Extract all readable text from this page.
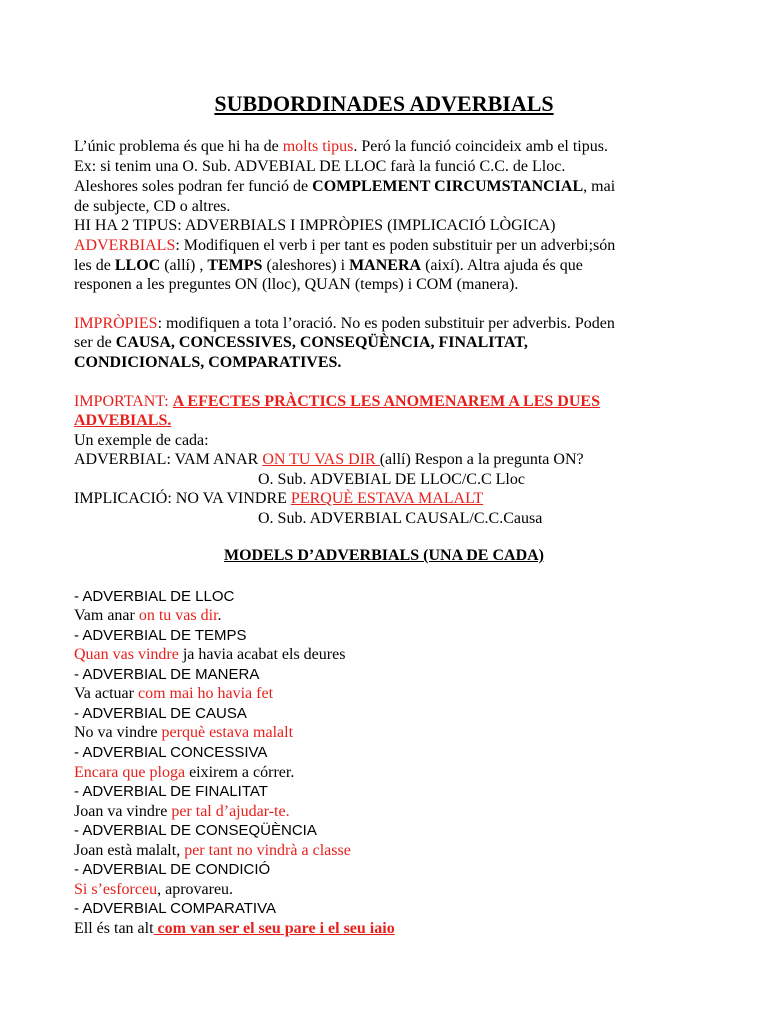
SUBDORDINADES ADVERBIALS
L’únic problema és que hi ha de molts tipus. Peró la funció coincideix amb el tipus.
Ex: si tenim una O. Sub. ADVEBIAL DE LLOC farà la funció C.C. de Lloc.
Aleshores soles podran fer funció de COMPLEMENT CIRCUMSTANCIAL, mai
de subjecte, CD o altres.
HI HA 2 TIPUS: ADVERBIALS I IMPRÒPIES (IMPLICACIÓ LÒGICA)
ADVERBIALS: Modifiquen el verb i per tant es poden substituir per un adverbi;són
les de LLOC (allí) , TEMPS (aleshores) i MANERA (així). Altra ajuda és que
responen a les preguntes ON (lloc), QUAN (temps) i COM (manera).
IMPRÒPIES: modifiquen a tota l’oració. No es poden substituir per adverbis. Poden
ser de CAUSA, CONCESSIVES, CONSEQÜÈNCIA, FINALITAT,
CONDICIONALS, COMPARATIVES.
IMPORTANT: A EFECTES PRÀCTICS LES ANOMENAREM A LES DUES
ADVEBIALS.
Un exemple de cada:
ADVERBIAL: VAM ANAR ON TU VAS DIR (allí) Respon a la pregunta ON?
O. Sub. ADVEBIAL DE LLOC/C.C Lloc
IMPLICACIÓ: NO VA VINDRE PERQUÈ ESTAVA MALALT
O. Sub. ADVERBIAL CAUSAL/C.C.Causa
MODELS D’ADVERBIALS (UNA DE CADA)
- ADVERBIAL DE LLOC
Vam anar on tu vas dir.
- ADVERBIAL DE TEMPS
Quan vas vindre ja havia acabat els deures
- ADVERBIAL DE MANERA
Va actuar com mai ho havia fet
- ADVERBIAL DE CAUSA
No va vindre perquè estava malalt
- ADVERBIAL CONCESSIVA
Encara que ploga eixirem a córrer.
- ADVERBIAL DE FINALITAT
Joan va vindre per tal d’ajudar-te.
- ADVERBIAL DE CONSEQÜÈNCIA
Joan està malalt, per tant no vindrà a classe
- ADVERBIAL DE CONDICIÓ
Si s’esforceu, aprovareu.
- ADVERBIAL COMPARATIVA
Ell és tan alt com van ser el seu pare i el seu iaio
